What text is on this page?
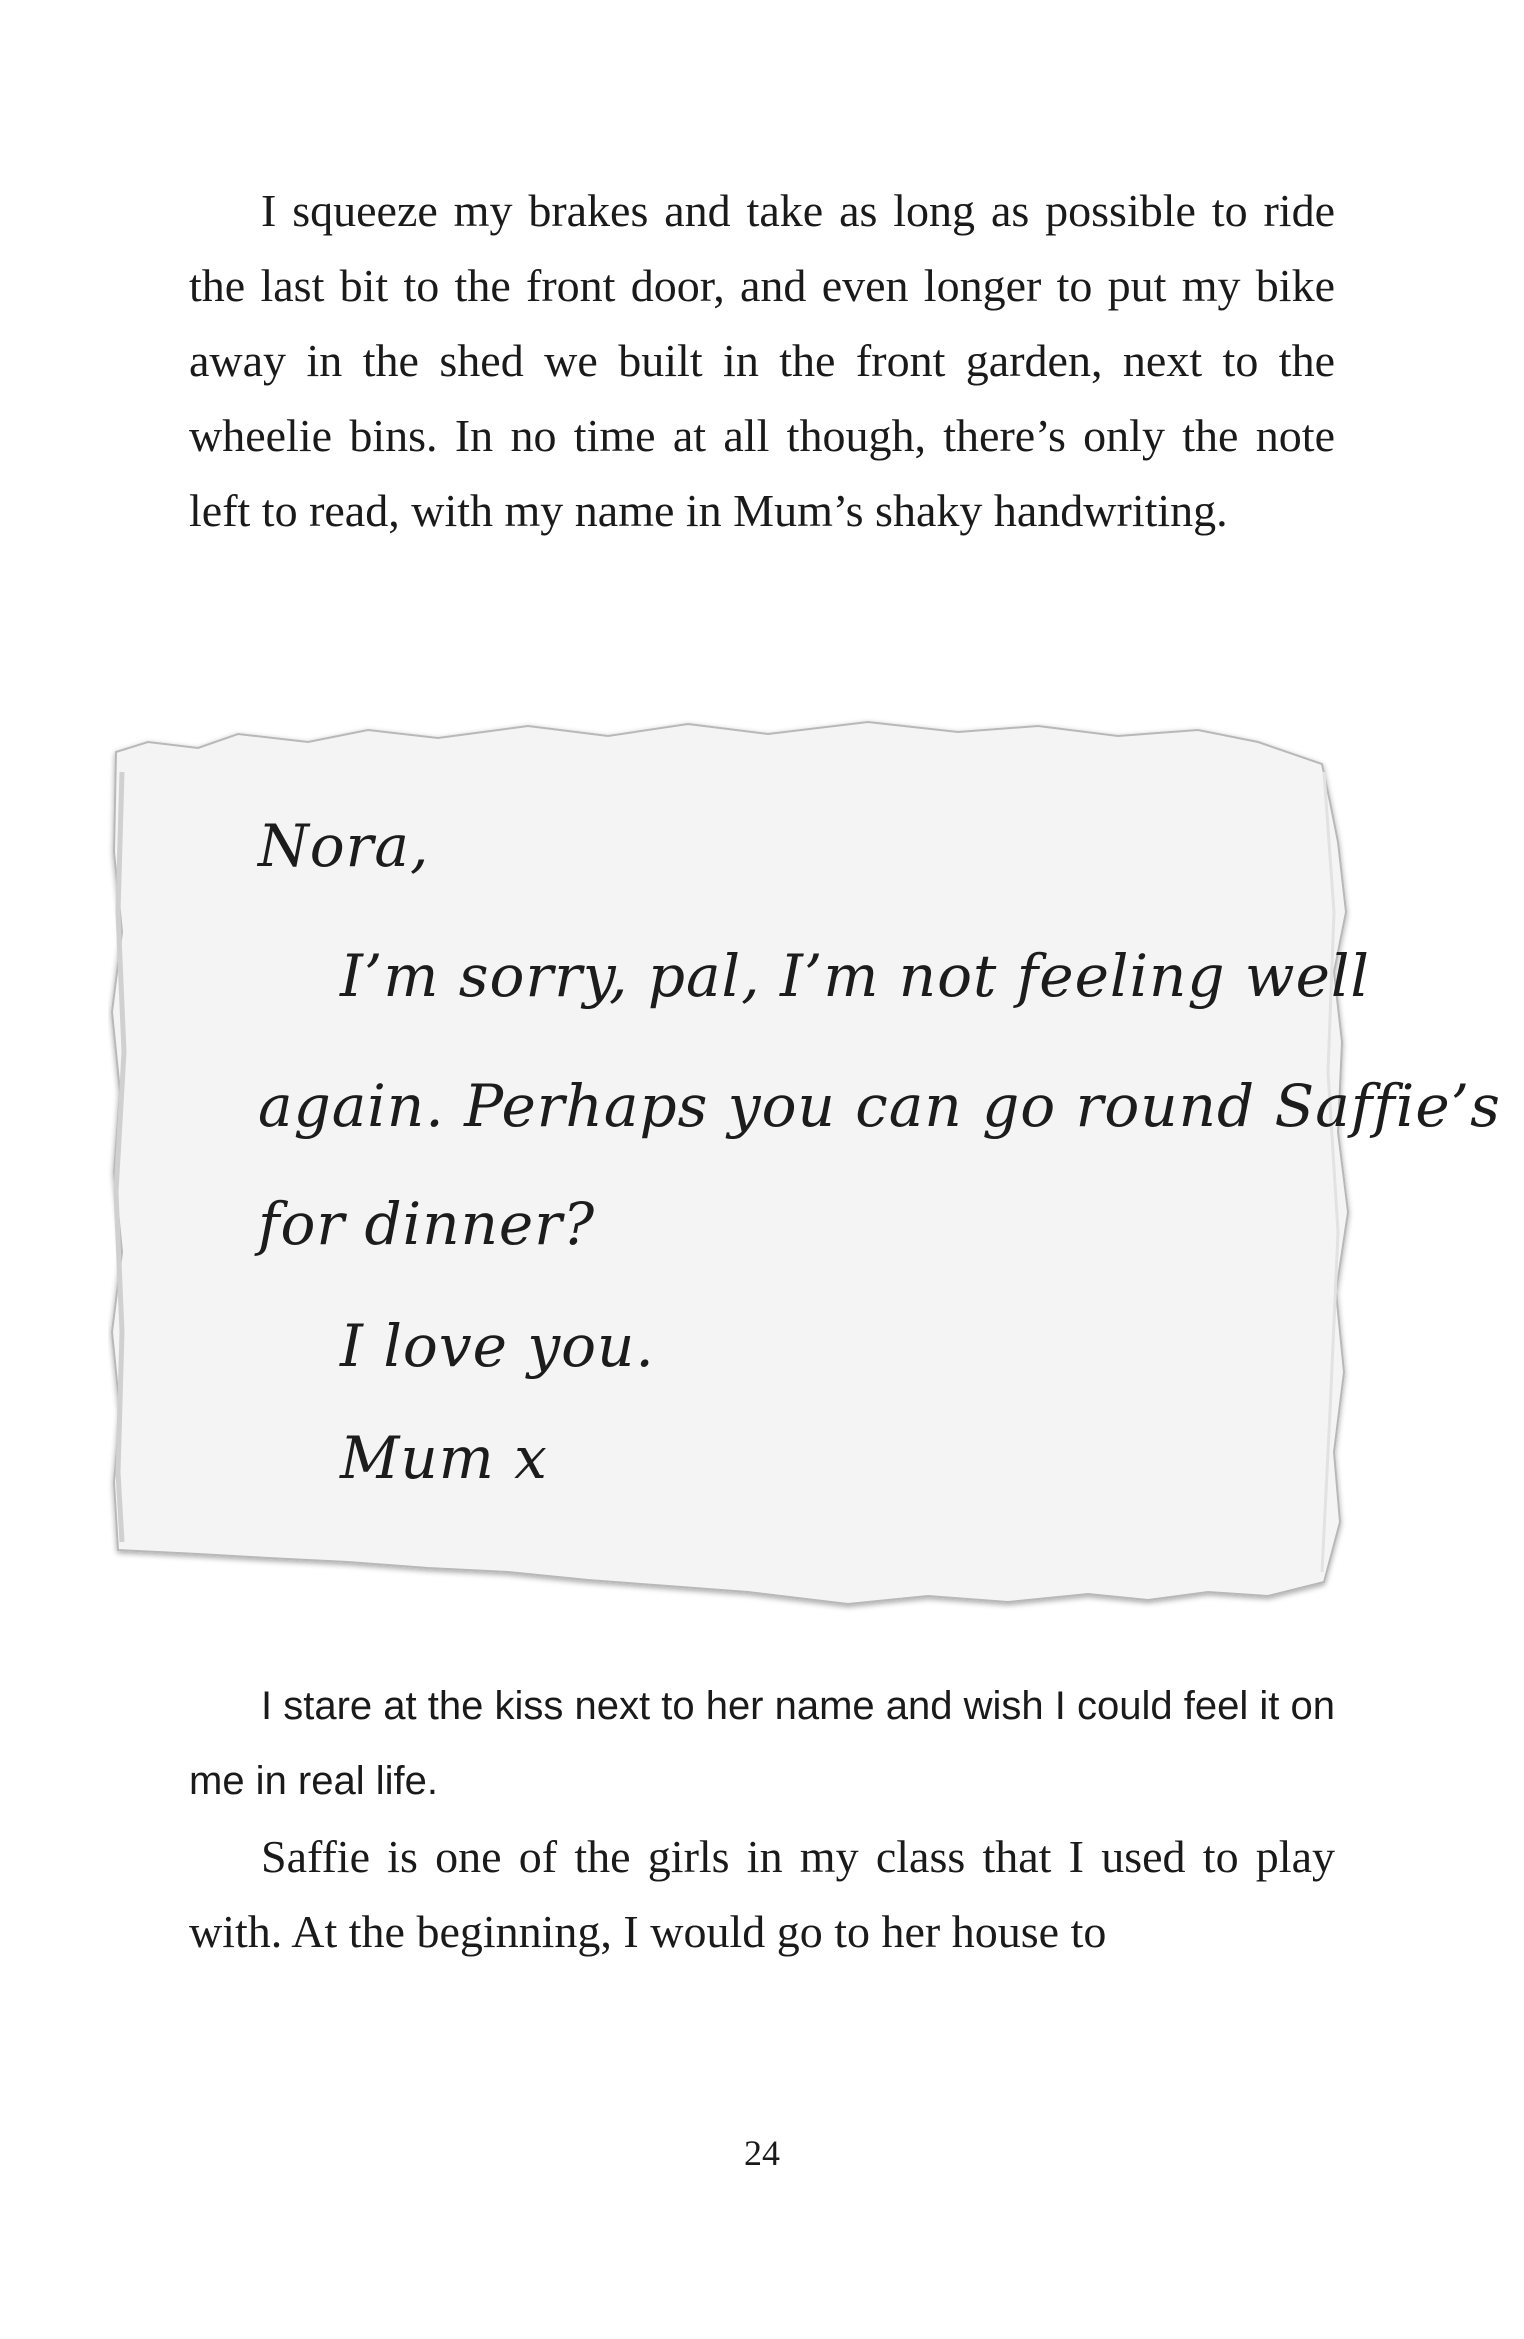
I squeeze my brakes and take as long as possible to ride the last bit to the front door, and even longer to put my bike away in the shed we built in the front garden, next to the wheelie bins. In no time at all though, there’s only the note left to read, with my name in Mum’s shaky handwriting.

Nora,
I’m sorry, pal, I’m not feeling well
again. Perhaps you can go round Saffie’s
for dinner?
I love you.
Mum x

I stare at the kiss next to her name and wish I could feel it on me in real life.

Saffie is one of the girls in my class that I used to play with. At the beginning, I would go to her house to

24
